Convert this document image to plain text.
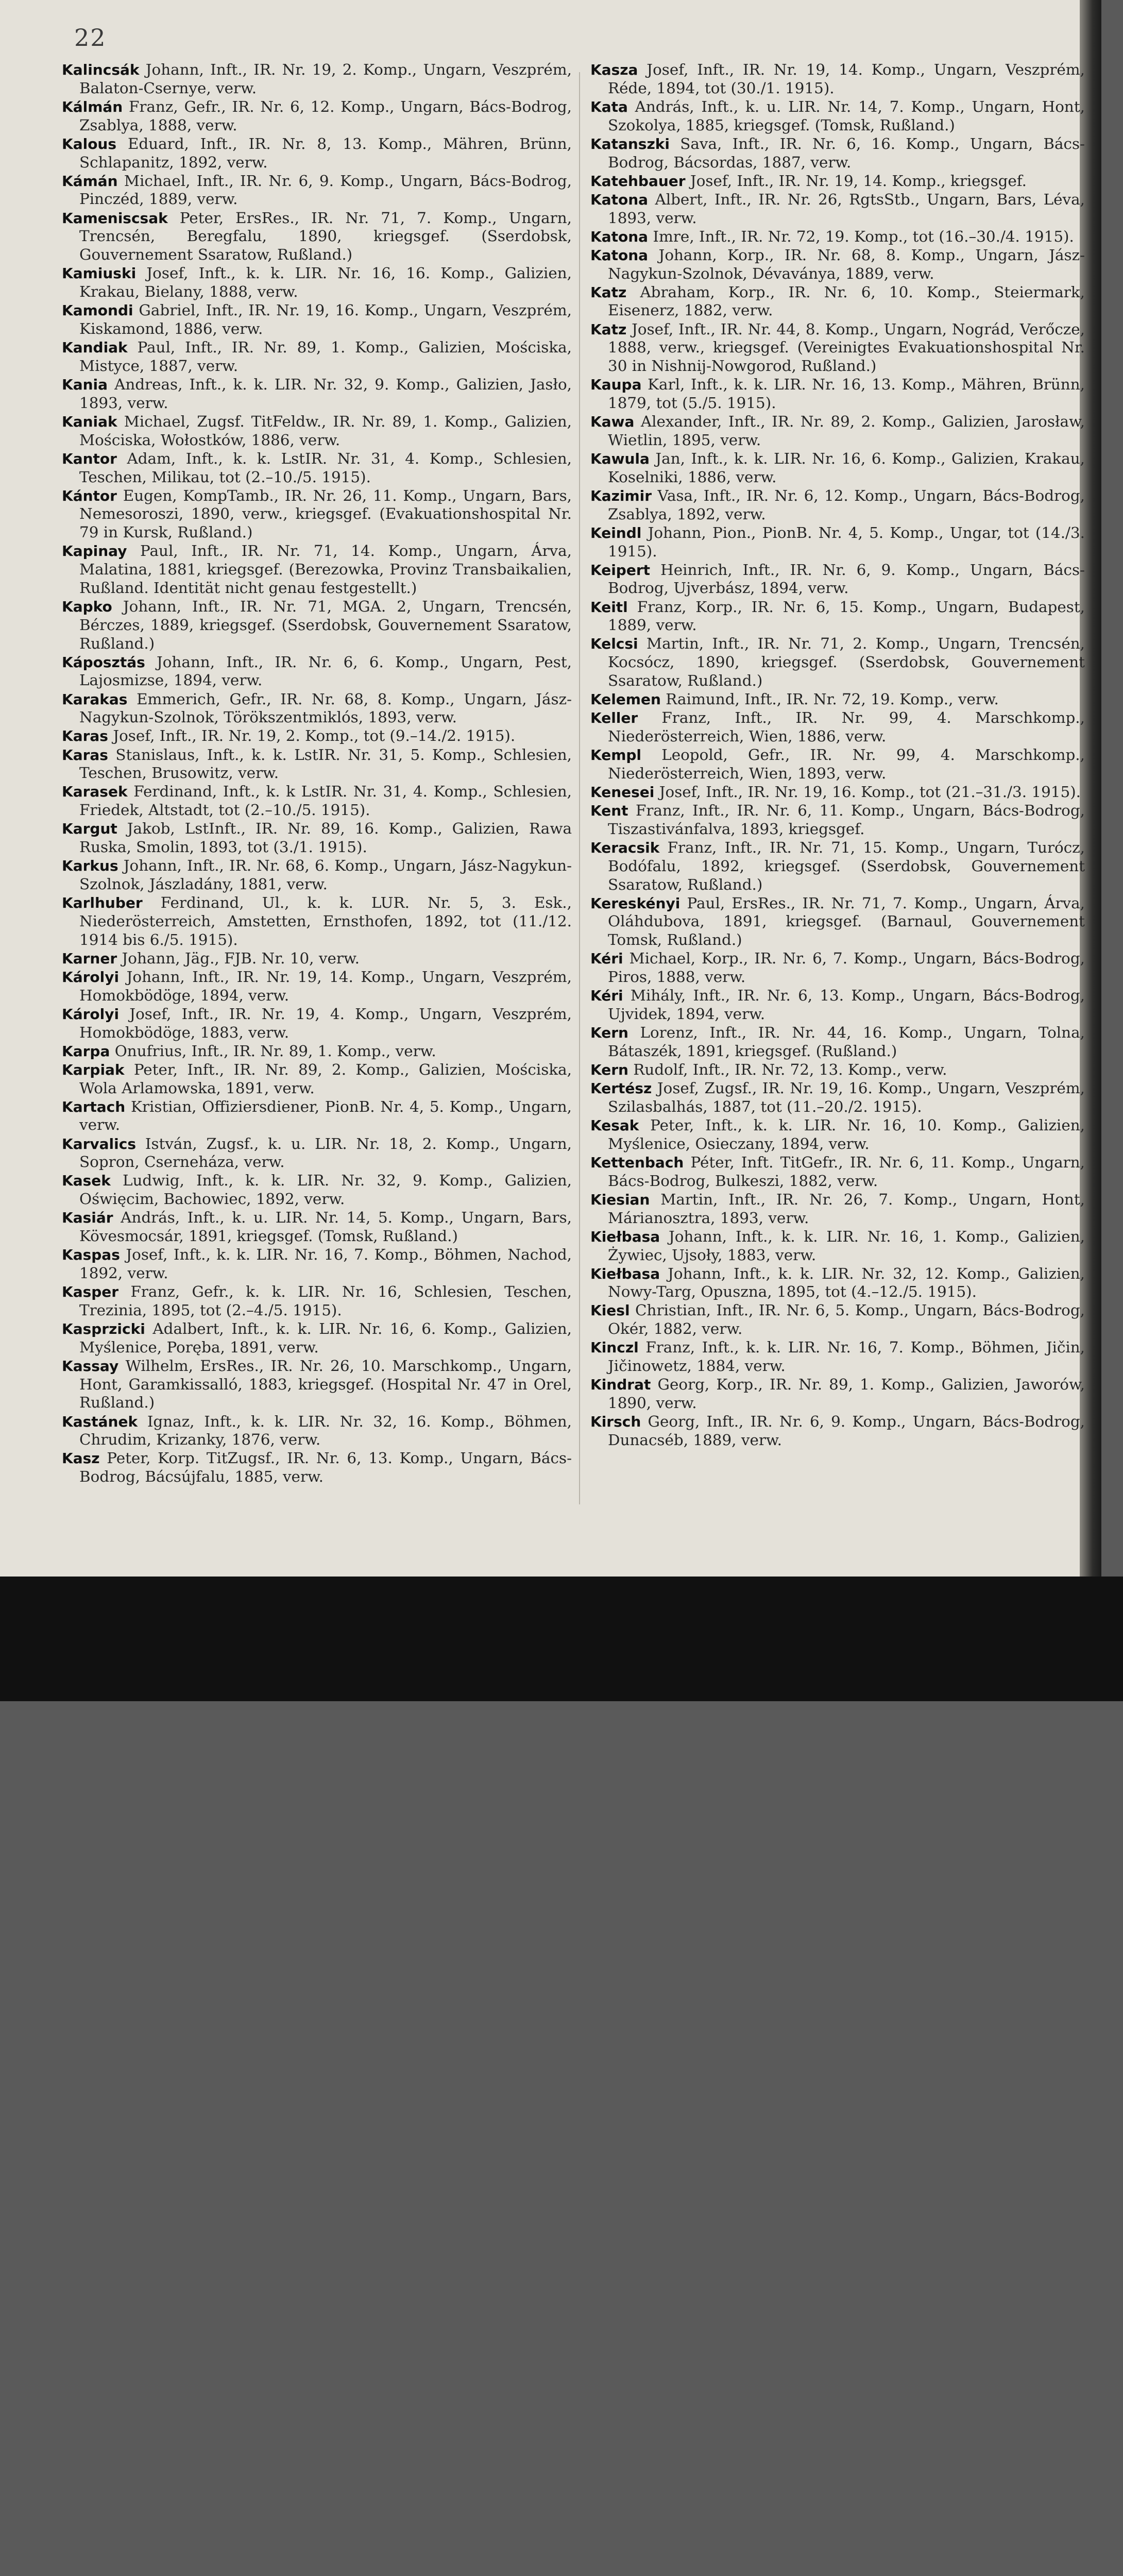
22

Kalincsák Johann, Inft., IR. Nr. 19, 2. Komp., Ungarn, Veszprém, Balaton-Csernye, verw.

Kálmán Franz, Gefr., IR. Nr. 6, 12. Komp., Ungarn, Bács-Bodrog, Zsablya, 1888, verw.

Kalous Eduard, Inft., IR. Nr. 8, 13. Komp., Mähren, Brünn, Schlapanitz, 1892, verw.

Kámán Michael, Inft., IR. Nr. 6, 9. Komp., Ungarn, Bács-Bodrog, Pinczéd, 1889, verw.

Kameniscsak Peter, ErsRes., IR. Nr. 71, 7. Komp., Ungarn, Trencsén, Beregfalu, 1890, kriegsgef. (Sserdobsk, Gouvernement Ssaratow, Rußland.)

Kamiuski Josef, Inft., k. k. LIR. Nr. 16, 16. Komp., Galizien, Krakau, Bielany, 1888, verw.

Kamondi Gabriel, Inft., IR. Nr. 19, 16. Komp., Ungarn, Veszprém, Kiskamond, 1886, verw.

Kandiak Paul, Inft., IR. Nr. 89, 1. Komp., Galizien, Mościska, Mistyce, 1887, verw.

Kania Andreas, Inft., k. k. LIR. Nr. 32, 9. Komp., Galizien, Jasło, 1893, verw.

Kaniak Michael, Zugsf. TitFeldw., IR. Nr. 89, 1. Komp., Galizien, Mościska, Wołostków, 1886, verw.

Kantor Adam, Inft., k. k. LstIR. Nr. 31, 4. Komp., Schlesien, Teschen, Milikau, tot (2.–10./5. 1915).

Kántor Eugen, KompTamb., IR. Nr. 26, 11. Komp., Ungarn, Bars, Nemesoroszi, 1890, verw., kriegsgef. (Evakuationshospital Nr. 79 in Kursk, Rußland.)

Kapinay Paul, Inft., IR. Nr. 71, 14. Komp., Ungarn, Árva, Malatina, 1881, kriegsgef. (Berezowka, Provinz Transbaikalien, Rußland. Identität nicht genau festgestellt.)

Kapko Johann, Inft., IR. Nr. 71, MGA. 2, Ungarn, Trencsén, Bérczes, 1889, kriegsgef. (Sserdobsk, Gouvernement Ssaratow, Rußland.)

Káposztás Johann, Inft., IR. Nr. 6, 6. Komp., Ungarn, Pest, Lajosmizse, 1894, verw.

Karakas Emmerich, Gefr., IR. Nr. 68, 8. Komp., Ungarn, Jász-Nagykun-Szolnok, Törökszentmiklós, 1893, verw.

Karas Josef, Inft., IR. Nr. 19, 2. Komp., tot (9.–14./2. 1915).

Karas Stanislaus, Inft., k. k. LstIR. Nr. 31, 5. Komp., Schlesien, Teschen, Brusowitz, verw.

Karasek Ferdinand, Inft., k. k LstIR. Nr. 31, 4. Komp., Schlesien, Friedek, Altstadt, tot (2.–10./5. 1915).

Kargut Jakob, LstInft., IR. Nr. 89, 16. Komp., Galizien, Rawa Ruska, Smolin, 1893, tot (3./1. 1915).

Karkus Johann, Inft., IR. Nr. 68, 6. Komp., Ungarn, Jász-Nagykun-Szolnok, Jászladány, 1881, verw.

Karlhuber Ferdinand, Ul., k. k. LUR. Nr. 5, 3. Esk., Niederösterreich, Amstetten, Ernsthofen, 1892, tot (11./12. 1914 bis 6./5. 1915).

Karner Johann, Jäg., FJB. Nr. 10, verw.

Károlyi Johann, Inft., IR. Nr. 19, 14. Komp., Ungarn, Veszprém, Homokbödöge, 1894, verw.

Károlyi Josef, Inft., IR. Nr. 19, 4. Komp., Ungarn, Veszprém, Homokbödöge, 1883, verw.

Karpa Onufrius, Inft., IR. Nr. 89, 1. Komp., verw.

Karpiak Peter, Inft., IR. Nr. 89, 2. Komp., Galizien, Mościska, Wola Arlamowska, 1891, verw.

Kartach Kristian, Offiziersdiener, PionB. Nr. 4, 5. Komp., Ungarn, verw.

Karvalics István, Zugsf., k. u. LIR. Nr. 18, 2. Komp., Ungarn, Sopron, Cserneháza, verw.

Kasek Ludwig, Inft., k. k. LIR. Nr. 32, 9. Komp., Galizien, Oświęcim, Bachowiec, 1892, verw.

Kasiár András, Inft., k. u. LIR. Nr. 14, 5. Komp., Ungarn, Bars, Kövesmocsár, 1891, kriegsgef. (Tomsk, Rußland.)

Kaspas Josef, Inft., k. k. LIR. Nr. 16, 7. Komp., Böhmen, Nachod, 1892, verw.

Kasper Franz, Gefr., k. k. LIR. Nr. 16, Schlesien, Teschen, Trezinia, 1895, tot (2.–4./5. 1915).

Kasprzicki Adalbert, Inft., k. k. LIR. Nr. 16, 6. Komp., Galizien, Myślenice, Poręba, 1891, verw.

Kassay Wilhelm, ErsRes., IR. Nr. 26, 10. Marschkomp., Ungarn, Hont, Garamkissalló, 1883, kriegsgef. (Hospital Nr. 47 in Orel, Rußland.)

Kastánek Ignaz, Inft., k. k. LIR. Nr. 32, 16. Komp., Böhmen, Chrudim, Krizanky, 1876, verw.

Kasz Peter, Korp. TitZugsf., IR. Nr. 6, 13. Komp., Ungarn, Bács-Bodrog, Bácsújfalu, 1885, verw.

Kasza Josef, Inft., IR. Nr. 19, 14. Komp., Ungarn, Veszprém, Réde, 1894, tot (30./1. 1915).

Kata András, Inft., k. u. LIR. Nr. 14, 7. Komp., Ungarn, Hont, Szokolya, 1885, kriegsgef. (Tomsk, Rußland.)

Katanszki Sava, Inft., IR. Nr. 6, 16. Komp., Ungarn, Bács-Bodrog, Bácsordas, 1887, verw.

Katehbauer Josef, Inft., IR. Nr. 19, 14. Komp., kriegsgef.

Katona Albert, Inft., IR. Nr. 26, RgtsStb., Ungarn, Bars, Léva, 1893, verw.

Katona Imre, Inft., IR. Nr. 72, 19. Komp., tot (16.–30./4. 1915).

Katona Johann, Korp., IR. Nr. 68, 8. Komp., Ungarn, Jász-Nagykun-Szolnok, Dévaványa, 1889, verw.

Katz Abraham, Korp., IR. Nr. 6, 10. Komp., Steiermark, Eisenerz, 1882, verw.

Katz Josef, Inft., IR. Nr. 44, 8. Komp., Ungarn, Nográd, Verőcze, 1888, verw., kriegsgef. (Vereinigtes Evakuationshospital Nr. 30 in Nishnij-Nowgorod, Rußland.)

Kaupa Karl, Inft., k. k. LIR. Nr. 16, 13. Komp., Mähren, Brünn, 1879, tot (5./5. 1915).

Kawa Alexander, Inft., IR. Nr. 89, 2. Komp., Galizien, Jarosław, Wietlin, 1895, verw.

Kawula Jan, Inft., k. k. LIR. Nr. 16, 6. Komp., Galizien, Krakau, Koselniki, 1886, verw.

Kazimir Vasa, Inft., IR. Nr. 6, 12. Komp., Ungarn, Bács-Bodrog, Zsablya, 1892, verw.

Keindl Johann, Pion., PionB. Nr. 4, 5. Komp., Ungar, tot (14./3. 1915).

Keipert Heinrich, Inft., IR. Nr. 6, 9. Komp., Ungarn, Bács-Bodrog, Ujverbász, 1894, verw.

Keitl Franz, Korp., IR. Nr. 6, 15. Komp., Ungarn, Budapest, 1889, verw.

Kelcsi Martin, Inft., IR. Nr. 71, 2. Komp., Ungarn, Trencsén, Kocsócz, 1890, kriegsgef. (Sserdobsk, Gouvernement Ssaratow, Rußland.)

Kelemen Raimund, Inft., IR. Nr. 72, 19. Komp., verw.

Keller Franz, Inft., IR. Nr. 99, 4. Marschkomp., Niederösterreich, Wien, 1886, verw.

Kempl Leopold, Gefr., IR. Nr. 99, 4. Marschkomp., Niederösterreich, Wien, 1893, verw.

Kenesei Josef, Inft., IR. Nr. 19, 16. Komp., tot (21.–31./3. 1915).

Kent Franz, Inft., IR. Nr. 6, 11. Komp., Ungarn, Bács-Bodrog, Tiszastivánfalva, 1893, kriegsgef.

Keracsik Franz, Inft., IR. Nr. 71, 15. Komp., Ungarn, Turócz, Bodófalu, 1892, kriegsgef. (Sserdobsk, Gouvernement Ssaratow, Rußland.)

Kereskényi Paul, ErsRes., IR. Nr. 71, 7. Komp., Ungarn, Árva, Oláhdubova, 1891, kriegsgef. (Barnaul, Gouvernement Tomsk, Rußland.)

Kéri Michael, Korp., IR. Nr. 6, 7. Komp., Ungarn, Bács-Bodrog, Piros, 1888, verw.

Kéri Mihály, Inft., IR. Nr. 6, 13. Komp., Ungarn, Bács-Bodrog, Ujvidek, 1894, verw.

Kern Lorenz, Inft., IR. Nr. 44, 16. Komp., Ungarn, Tolna, Bátaszék, 1891, kriegsgef. (Rußland.)

Kern Rudolf, Inft., IR. Nr. 72, 13. Komp., verw.

Kertész Josef, Zugsf., IR. Nr. 19, 16. Komp., Ungarn, Veszprém, Szilasbalhás, 1887, tot (11.–20./2. 1915).

Kesak Peter, Inft., k. k. LIR. Nr. 16, 10. Komp., Galizien, Myślenice, Osieczany, 1894, verw.

Kettenbach Péter, Inft. TitGefr., IR. Nr. 6, 11. Komp., Ungarn, Bács-Bodrog, Bulkeszi, 1882, verw.

Kiesian Martin, Inft., IR. Nr. 26, 7. Komp., Ungarn, Hont, Márianosztra, 1893, verw.

Kiełbasa Johann, Inft., k. k. LIR. Nr. 16, 1. Komp., Galizien, Żywiec, Ujsoły, 1883, verw.

Kiełbasa Johann, Inft., k. k. LIR. Nr. 32, 12. Komp., Galizien, Nowy-Targ, Opuszna, 1895, tot (4.–12./5. 1915).

Kiesl Christian, Inft., IR. Nr. 6, 5. Komp., Ungarn, Bács-Bodrog, Okér, 1882, verw.

Kinczl Franz, Inft., k. k. LIR. Nr. 16, 7. Komp., Böhmen, Jičin, Jičinowetz, 1884, verw.

Kindrat Georg, Korp., IR. Nr. 89, 1. Komp., Galizien, Jaworów, 1890, verw.

Kirsch Georg, Inft., IR. Nr. 6, 9. Komp., Ungarn, Bács-Bodrog, Dunacséb, 1889, verw.
